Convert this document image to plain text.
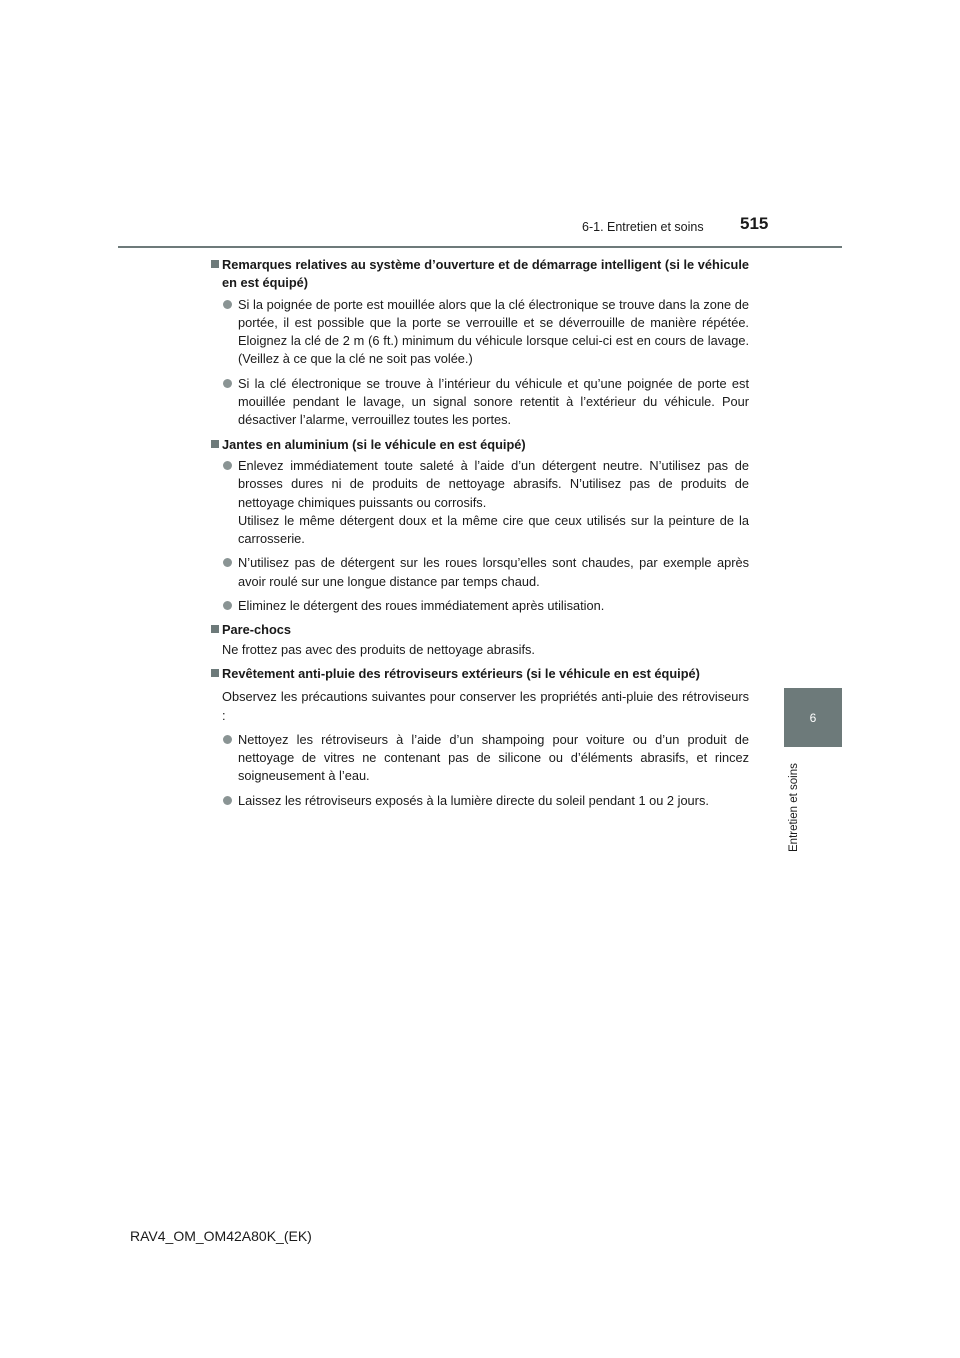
6-1. Entretien et soins 515
6
Entretien et soins
Remarques relatives au système d’ouverture et de démarrage intelligent (si le véhicule en est équipé)
Si la poignée de porte est mouillée alors que la clé électronique se trouve dans la zone de portée, il est possible que la porte se verrouille et se déverrouille de manière répétée. Eloignez la clé de 2 m (6 ft.) minimum du véhicule lorsque celui-ci est en cours de lavage. (Veillez à ce que la clé ne soit pas volée.)
Si la clé électronique se trouve à l’intérieur du véhicule et qu’une poignée de porte est mouillée pendant le lavage, un signal sonore retentit à l’extérieur du véhicule. Pour désactiver l’alarme, verrouillez toutes les portes.
Jantes en aluminium (si le véhicule en est équipé)
Enlevez immédiatement toute saleté à l’aide d’un détergent neutre. N’utilisez pas de brosses dures ni de produits de nettoyage abrasifs. N’utilisez pas de produits de nettoyage chimiques puissants ou corrosifs.
Utilisez le même détergent doux et la même cire que ceux utilisés sur la peinture de la carrosserie.
N’utilisez pas de détergent sur les roues lorsqu’elles sont chaudes, par exemple après avoir roulé sur une longue distance par temps chaud.
Eliminez le détergent des roues immédiatement après utilisation.
Pare-chocs
Ne frottez pas avec des produits de nettoyage abrasifs.
Revêtement anti-pluie des rétroviseurs extérieurs (si le véhicule en est équipé)
Observez les précautions suivantes pour conserver les propriétés anti-pluie des rétroviseurs :
Nettoyez les rétroviseurs à l’aide d’un shampoing pour voiture ou d’un produit de nettoyage de vitres ne contenant pas de silicone ou d’éléments abrasifs, et rincez soigneusement à l’eau.
Laissez les rétroviseurs exposés à la lumière directe du soleil pendant 1 ou 2 jours.
RAV4_OM_OM42A80K_(EK)
